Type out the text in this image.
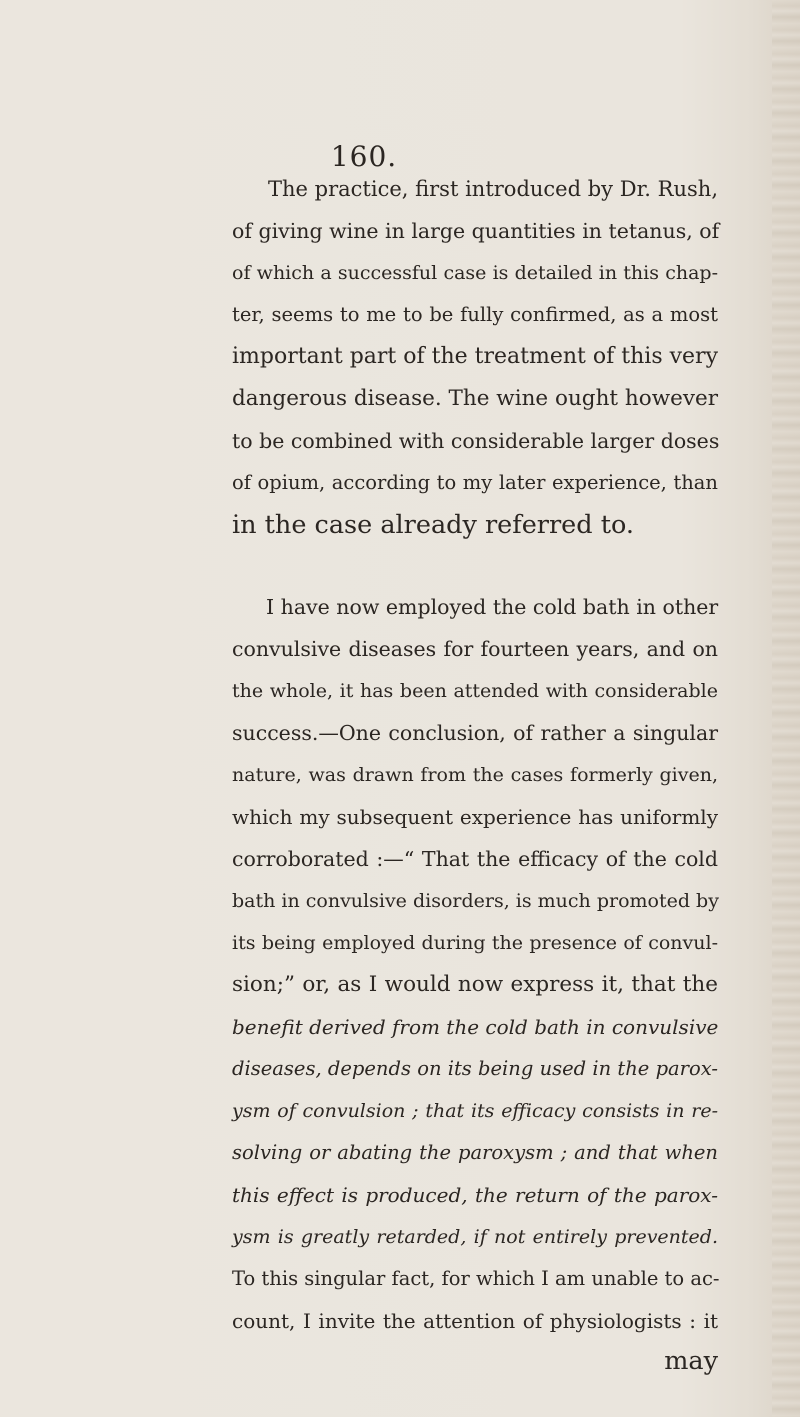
160.
The practice, first introduced by Dr. Rush,
of giving wine in large quantities in tetanus, of
of which a successful case is detailed in this chap-
ter, seems to me to be fully confirmed, as a most
important part of the treatment of this very
dangerous disease. The wine ought however
to be combined with considerable larger doses
of opium, according to my later experience, than
in the case already referred to.
I have now employed the cold bath in other
convulsive diseases for fourteen years, and on
the whole, it has been attended with considerable
success.—One conclusion, of rather a singular
nature, was drawn from the cases formerly given,
which my subsequent experience has uniformly
corroborated :—“ That the efficacy of the cold
bath in convulsive disorders, is much promoted by
its being employed during the presence of convul-
sion;” or, as I would now express it, that the
benefit derived from the cold bath in convulsive
diseases, depends on its being used in the parox-
ysm of convulsion ; that its efficacy consists in re-
solving or abating the paroxysm ; and that when
this effect is produced, the return of the parox-
ysm is greatly retarded, if not entirely prevented.
To this singular fact, for which I am unable to ac-
count, I invite the attention of physiologists : it
may
